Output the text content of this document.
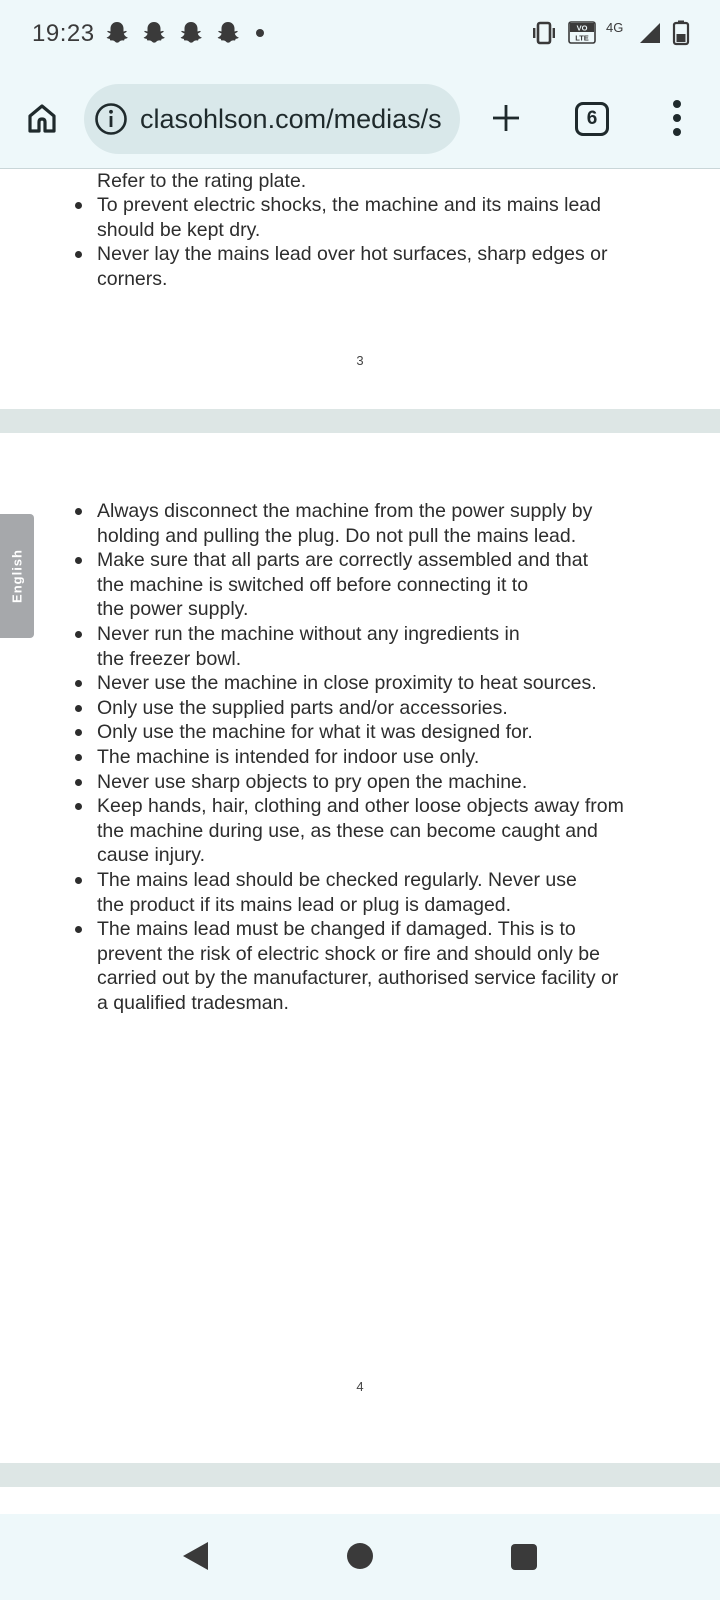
19:23	VO
LTE
4G
clasohlson.com/medias/s	6
Refer to the rating plate.
To prevent electric shocks, the machine and its mains lead
should be kept dry.
Never lay the mains lead over hot surfaces, sharp edges or
corners.
3
English
Always disconnect the machine from the power supply by
holding and pulling the plug. Do not pull the mains lead.
Make sure that all parts are correctly assembled and that
the machine is switched off before connecting it to
the power supply.
Never run the machine without any ingredients in
the freezer bowl.
Never use the machine in close proximity to heat sources.
Only use the supplied parts and/or accessories.
Only use the machine for what it was designed for.
The machine is intended for indoor use only.
Never use sharp objects to pry open the machine.
Keep hands, hair, clothing and other loose objects away from
the machine during use, as these can become caught and
cause injury.
The mains lead should be checked regularly. Never use
the product if its mains lead or plug is damaged.
The mains lead must be changed if damaged. This is to
prevent the risk of electric shock or fire and should only be
carried out by the manufacturer, authorised service facility or
a qualified tradesman.
4
